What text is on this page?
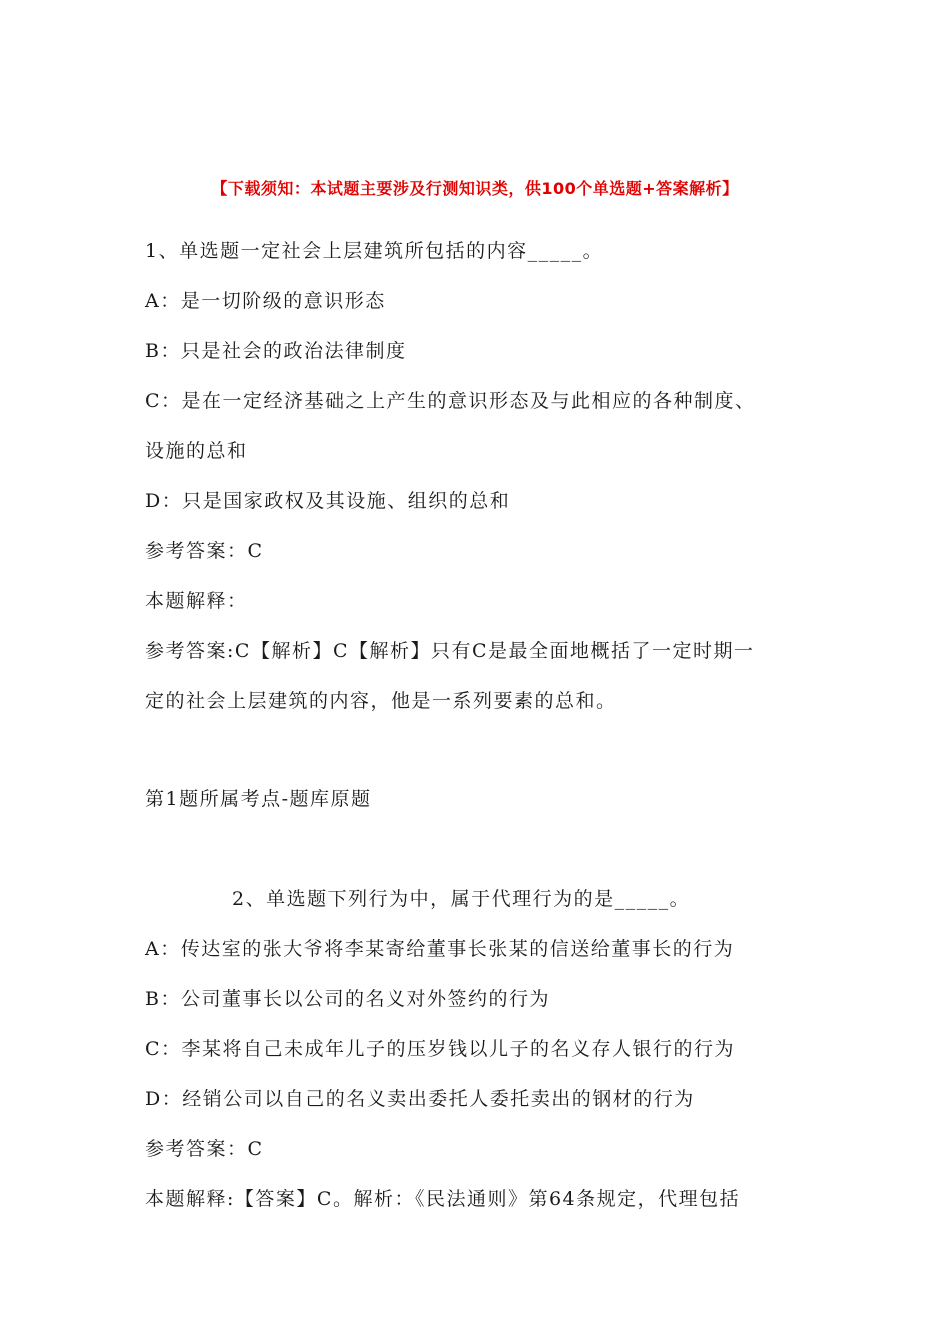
【下载须知：本试题主要涉及行测知识类，供100个单选题+答案解析】
1、单选题一定社会上层建筑所包括的内容_____。
A：是一切阶级的意识形态
B：只是社会的政治法律制度
C：是在一定经济基础之上产生的意识形态及与此相应的各种制度、
设施的总和
D：只是国家政权及其设施、组织的总和
参考答案：C
本题解释：
参考答案:C【解析】C【解析】只有C是最全面地概括了一定时期一
定的社会上层建筑的内容，他是一系列要素的总和。
第1题所属考点-题库原题
2、单选题下列行为中，属于代理行为的是_____。
A：传达室的张大爷将李某寄给董事长张某的信送给董事长的行为
B：公司董事长以公司的名义对外签约的行为
C：李某将自己未成年儿子的压岁钱以儿子的名义存人银行的行为
D：经销公司以自己的名义卖出委托人委托卖出的钢材的行为
参考答案：C
本题解释:【答案】C。解析：《民法通则》第64条规定，代理包括
